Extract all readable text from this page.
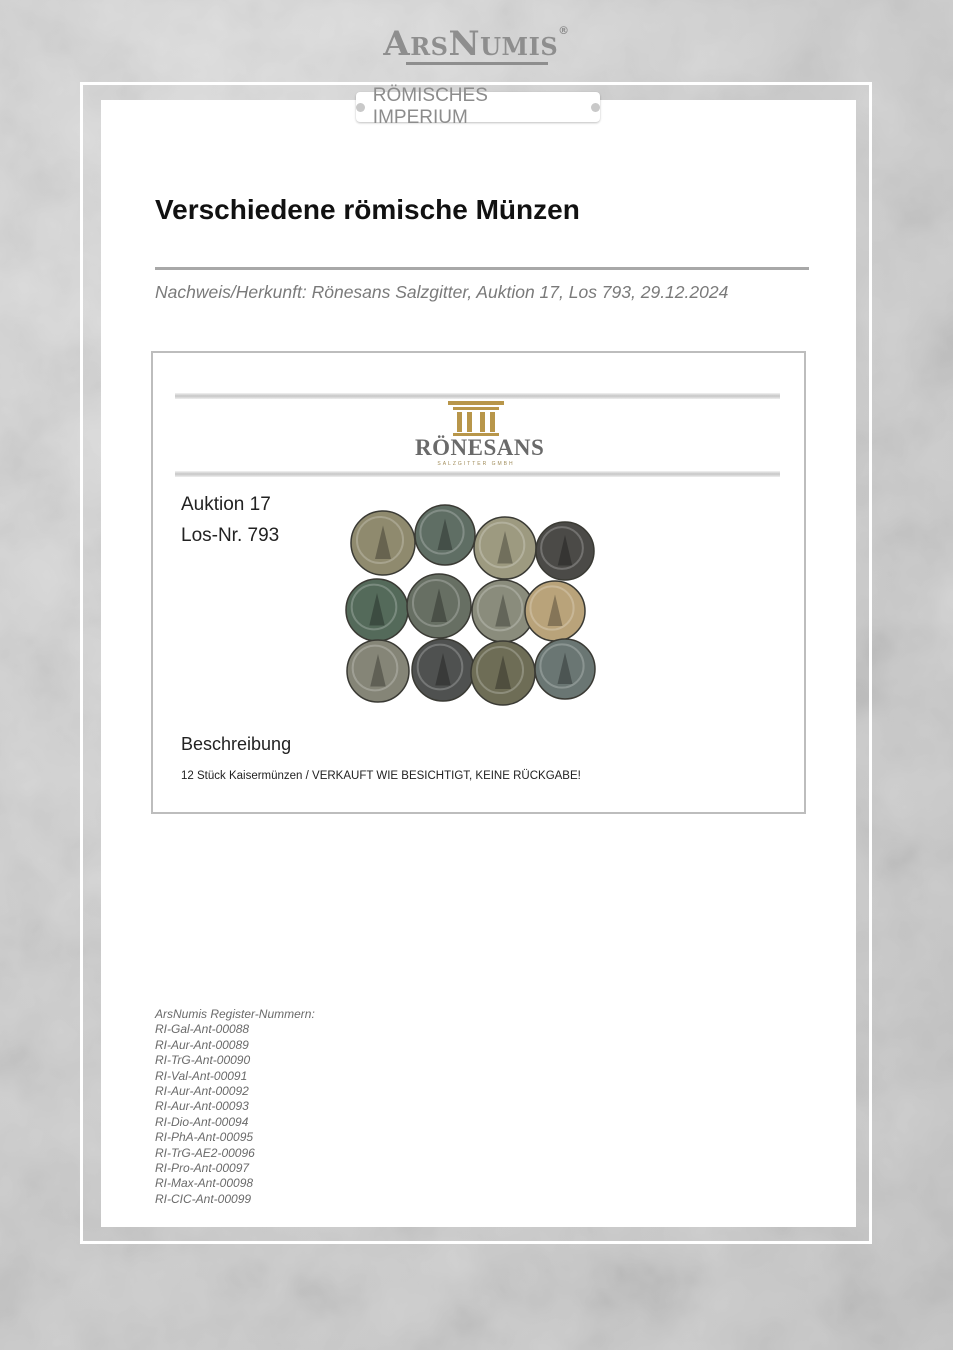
ARSNUMIS®
RÖMISCHES IMPERIUM
Verschiedene römische Münzen

Nachweis/Herkunft: Rönesans Salzgitter, Auktion 17, Los 793, 29.12.2024

RÖNESANS
SALZGITTER GMBH
Auktion 17
Los-Nr. 793
Beschreibung
12 Stück Kaisermünzen / VERKAUFT WIE BESICHTIGT, KEINE RÜCKGABE!
ArsNumis Register-Nummern:
RI-Gal-Ant-00088
RI-Aur-Ant-00089
RI-TrG-Ant-00090
RI-Val-Ant-00091
RI-Aur-Ant-00092
RI-Aur-Ant-00093
RI-Dio-Ant-00094
RI-PhA-Ant-00095
RI-TrG-AE2-00096
RI-Pro-Ant-00097
RI-Max-Ant-00098
RI-CIC-Ant-00099
